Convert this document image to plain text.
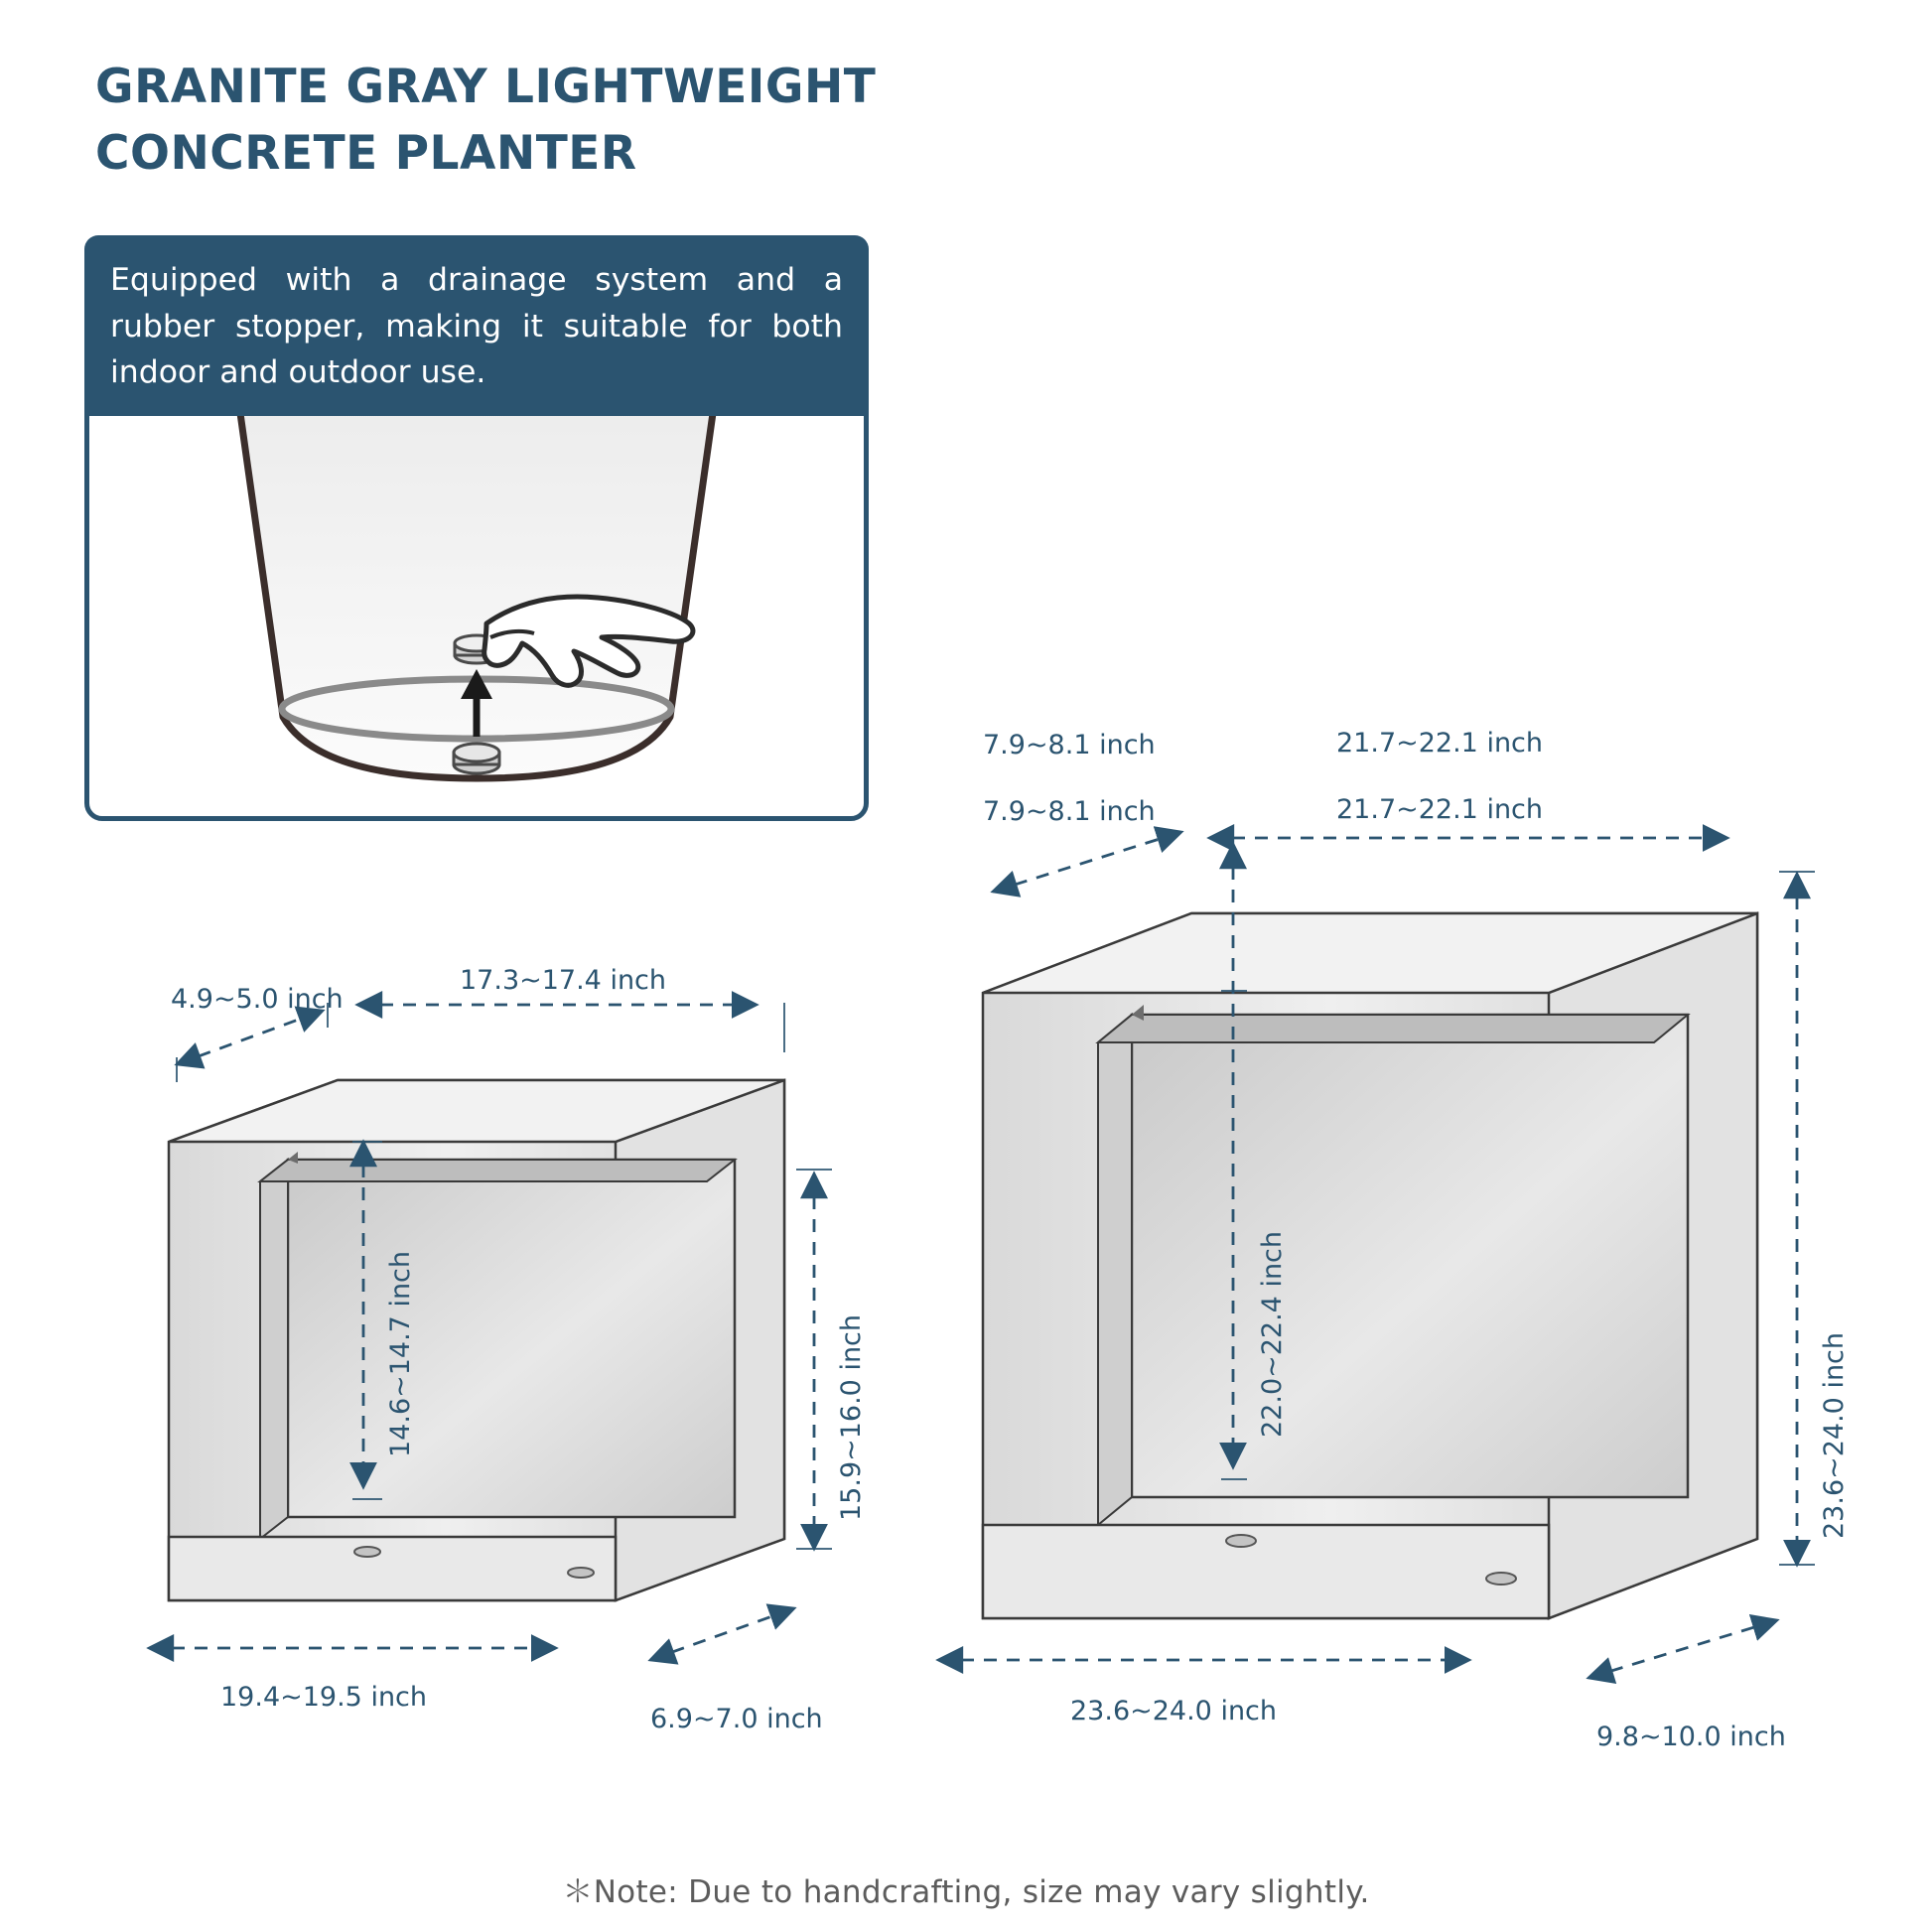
GRANITE GRAY LIGHTWEIGHT
CONCRETE PLANTER
Equipped with a drainage system and a rubber stopper, making it suitable for both indoor and outdoor use.
4.9~5.0 inch
17.3~17.4 inch
14.6~14.7 inch	15.9~16.0 inch
19.4~19.5 inch
6.9~7.0 inch
7.9~8.1 inch	21.7~22.1 inch
22.0~22.4 inch	23.6~24.0 inch
23.6~24.0 inch
9.8~10.0 inch
7.9~8.1 inch	21.7~22.1 inch
＊Note: Due to handcrafting, size may vary slightly.
